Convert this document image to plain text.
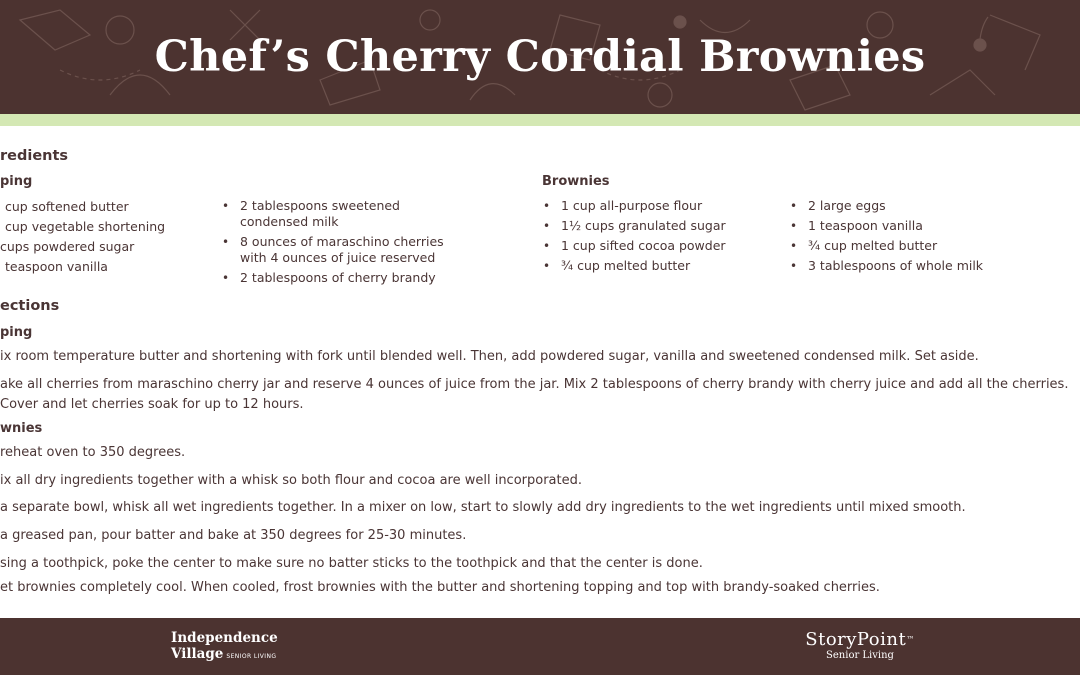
Chef’s Cherry Cordial Brownies
redients
ping
cup softened butter
cup vegetable shortening
cups powdered sugar
teaspoon vanilla
• 2 tablespoons sweetened
condensed milk
• 8 ounces of maraschino cherries
with 4 ounces of juice reserved
• 2 tablespoons of cherry brandy
Brownies
• 1 cup all-purpose flour
• 1½ cups granulated sugar
• 1 cup sifted cocoa powder
• ¾ cup melted butter
• 2 large eggs
• 1 teaspoon vanilla
• ¾ cup melted butter
• 3 tablespoons of whole milk
ections
ping
ix room temperature butter and shortening with fork until blended well. Then, add powdered sugar, vanilla and sweetened condensed milk. Set aside.
ake all cherries from maraschino cherry jar and reserve 4 ounces of juice from the jar. Mix 2 tablespoons of cherry brandy with cherry juice and add all the cherries.
Cover and let cherries soak for up to 12 hours.
wnies
reheat oven to 350 degrees.
ix all dry ingredients together with a whisk so both flour and cocoa are well incorporated.
a separate bowl, whisk all wet ingredients together. In a mixer on low, start to slowly add dry ingredients to the wet ingredients until mixed smooth.
a greased pan, pour batter and bake at 350 degrees for 25-30 minutes.
sing a toothpick, poke the center to make sure no batter sticks to the toothpick and that the center is done.
et brownies completely cool. When cooled, frost brownies with the butter and shortening topping and top with brandy-soaked cherries.
Independence
Village SENIOR LIVING
StoryPoint™
Senior Living
